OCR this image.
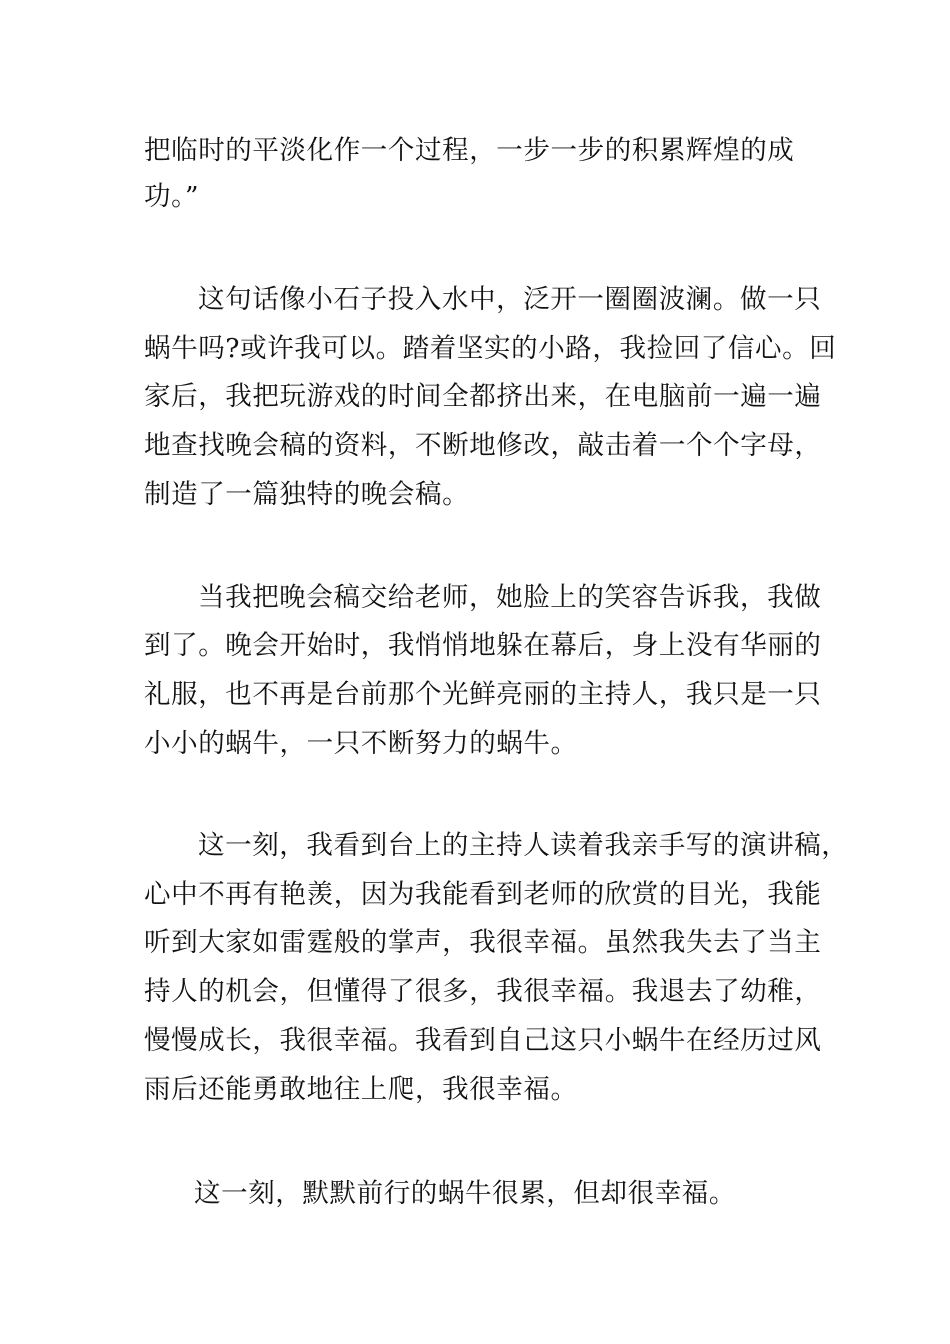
把临时的平淡化作一个过程，一步一步的积累辉煌的成
功。”
这句话像小石子投入水中，泛开一圈圈波澜。做一只
蜗牛吗?或许我可以。踏着坚实的小路，我捡回了信心。回
家后，我把玩游戏的时间全都挤出来，在电脑前一遍一遍
地查找晚会稿的资料，不断地修改，敲击着一个个字母，
制造了一篇独特的晚会稿。
当我把晚会稿交给老师，她脸上的笑容告诉我，我做
到了。晚会开始时，我悄悄地躲在幕后，身上没有华丽的
礼服，也不再是台前那个光鲜亮丽的主持人，我只是一只
小小的蜗牛，一只不断努力的蜗牛。
这一刻，我看到台上的主持人读着我亲手写的演讲稿，
心中不再有艳羡，因为我能看到老师的欣赏的目光，我能
听到大家如雷霆般的掌声，我很幸福。虽然我失去了当主
持人的机会，但懂得了很多，我很幸福。我退去了幼稚，
慢慢成长，我很幸福。我看到自己这只小蜗牛在经历过风
雨后还能勇敢地往上爬，我很幸福。
这一刻，默默前行的蜗牛很累，但却很幸福。
